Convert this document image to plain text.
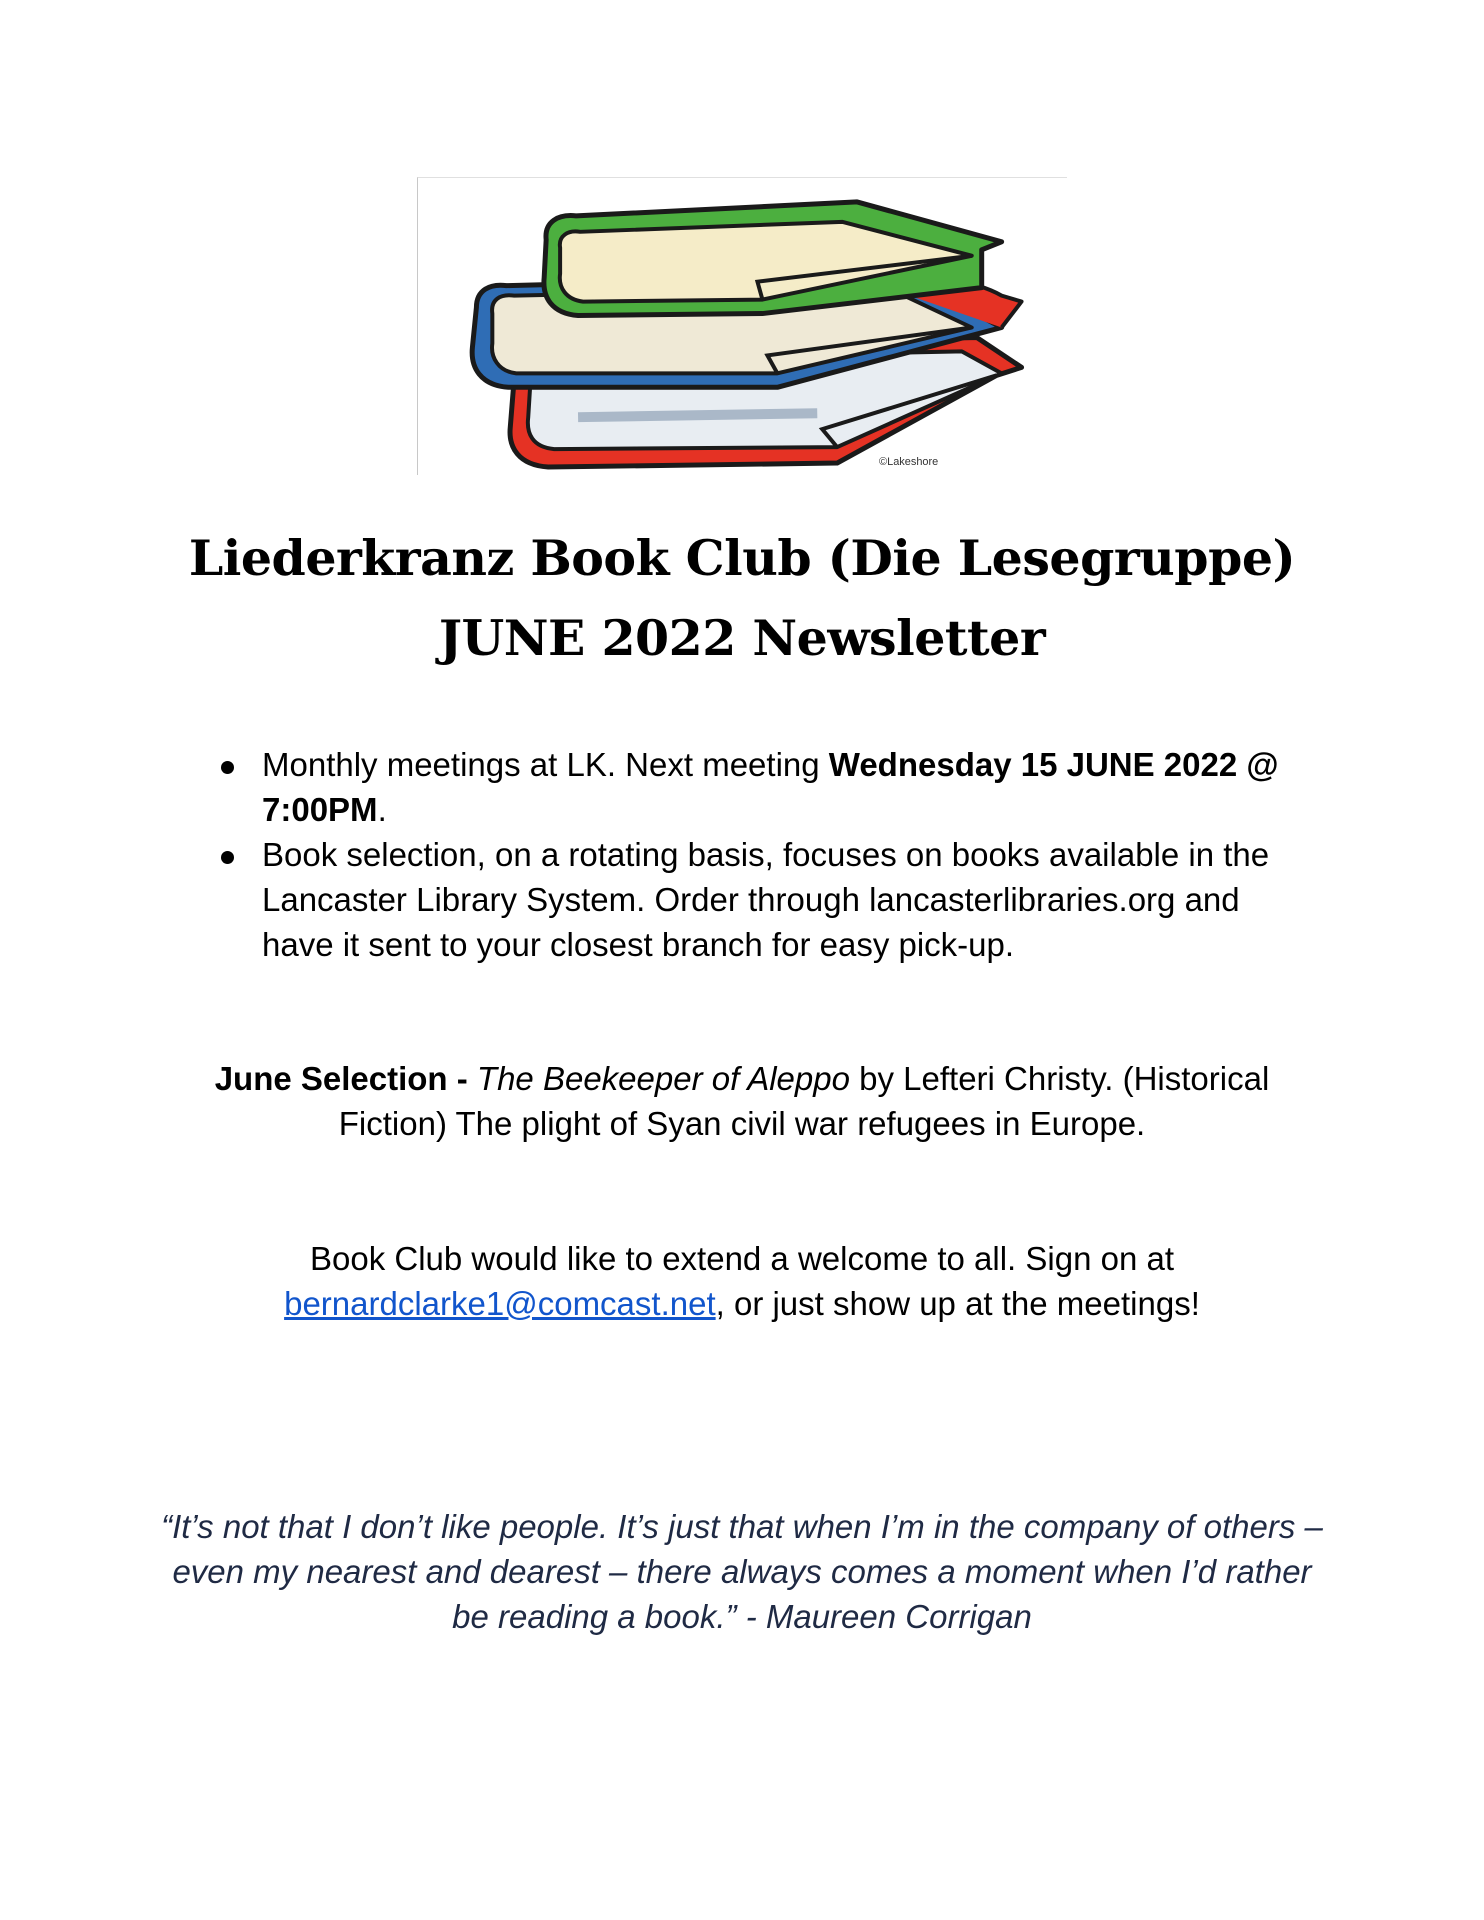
©Lakeshore
Liederkranz Book Club (Die Lesegruppe)
JUNE 2022 Newsletter
Monthly meetings at LK. Next meeting Wednesday 15 JUNE 2022 @ 7:00PM.
Book selection, on a rotating basis, focuses on books available in the Lancaster Library System. Order through lancasterlibraries.org and have it sent to your closest branch for easy pick-up.

June Selection - The Beekeeper of Aleppo by Lefteri Christy. (Historical Fiction) The plight of Syan civil war refugees in Europe.

Book Club would like to extend a welcome to all. Sign on at bernardclarke1@comcast.net, or just show up at the meetings!

“It’s not that I don’t like people. It’s just that when I’m in the company of others – even my nearest and dearest – there always comes a moment when I’d rather be reading a book.” - Maureen Corrigan
